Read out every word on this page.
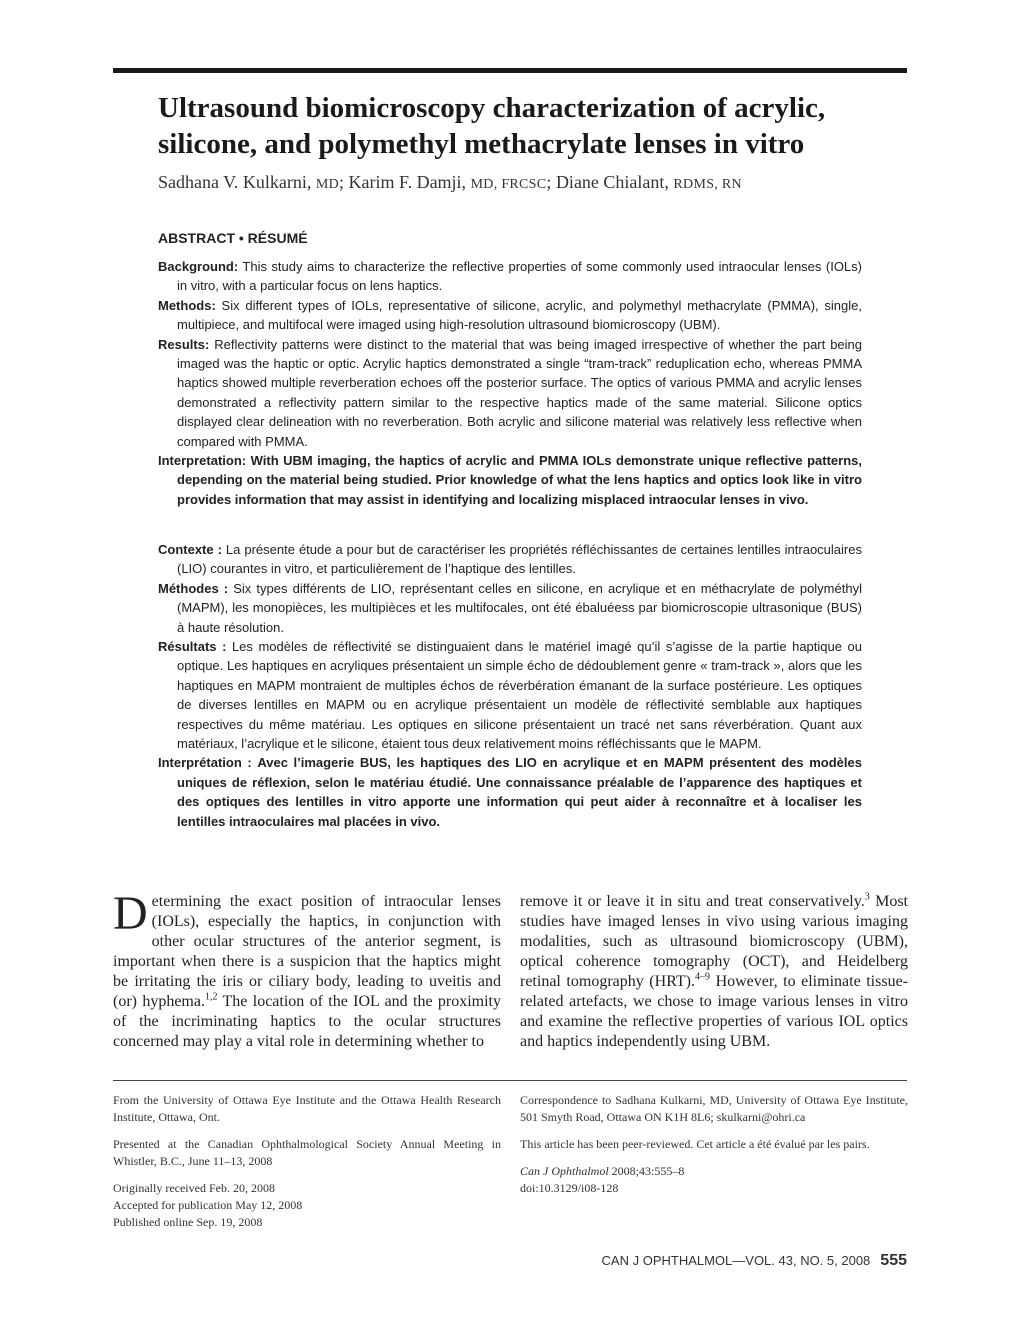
Ultrasound biomicroscopy characterization of acrylic, silicone, and polymethyl methacrylate lenses in vitro

Sadhana V. Kulkarni, MD; Karim F. Damji, MD, FRCSC; Diane Chialant, RDMS, RN

ABSTRACT • RÉSUMÉ

Background: This study aims to characterize the reflective properties of some commonly used intraocular lenses (IOLs) in vitro, with a particular focus on lens haptics.

Methods: Six different types of IOLs, representative of silicone, acrylic, and polymethyl methacrylate (PMMA), single, multipiece, and multifocal were imaged using high-resolution ultrasound biomicroscopy (UBM).

Results: Reflectivity patterns were distinct to the material that was being imaged irrespective of whether the part being imaged was the haptic or optic. Acrylic haptics demonstrated a single “tram-track” reduplication echo, whereas PMMA haptics showed multiple reverberation echoes off the posterior surface. The optics of various PMMA and acrylic lenses demonstrated a reflectivity pattern similar to the respective haptics made of the same material. Silicone optics displayed clear delineation with no reverberation. Both acrylic and silicone material was relatively less reflective when compared with PMMA.

Interpretation: With UBM imaging, the haptics of acrylic and PMMA IOLs demonstrate unique reflective patterns, depending on the material being studied. Prior knowledge of what the lens haptics and optics look like in vitro provides information that may assist in identifying and localizing misplaced intraocular lenses in vivo.

Contexte : La présente étude a pour but de caractériser les propriétés réfléchissantes de certaines lentilles intraoculaires (LIO) courantes in vitro, et particulièrement de l’haptique des lentilles.

Méthodes : Six types différents de LIO, représentant celles en silicone, en acrylique et en méthacrylate de polyméthyl (MAPM), les monopièces, les multipièces et les multifocales, ont été ébaluéess par biomicroscopie ultrasonique (BUS) à haute résolution.

Résultats : Les modèles de réflectivité se distinguaient dans le matériel imagé qu’il s’agisse de la partie haptique ou optique. Les haptiques en acryliques présentaient un simple écho de dédoublement genre « tram-track », alors que les haptiques en MAPM montraient de multiples échos de réverbération émanant de la surface postérieure. Les optiques de diverses lentilles en MAPM ou en acrylique présentaient un modèle de réflectivité semblable aux haptiques respectives du même matériau. Les optiques en silicone présentaient un tracé net sans réverbération. Quant aux matériaux, l’acrylique et le silicone, étaient tous deux relativement moins réfléchissants que le MAPM.

Interprétation : Avec l’imagerie BUS, les haptiques des LIO en acrylique et en MAPM présentent des modèles uniques de réflexion, selon le matériau étudié. Une connaissance préalable de l’apparence des haptiques et des optiques des lentilles in vitro apporte une information qui peut aider à reconnaître et à localiser les lentilles intraoculaires mal placées in vivo.

Determining the exact position of intraocular lenses (IOLs), especially the haptics, in conjunction with other ocular structures of the anterior segment, is important when there is a suspicion that the haptics might be irritating the iris or ciliary body, leading to uveitis and (or) hyphema.$^{1,2}$ The location of the IOL and the proximity of the incriminating haptics to the ocular structures concerned may play a vital role in determining whether to

remove it or leave it in situ and treat conservatively.$^3$ Most studies have imaged lenses in vivo using various imaging modalities, such as ultrasound biomicroscopy (UBM), optical coherence tomography (OCT), and Heidelberg retinal tomography (HRT).$^{4-9}$ However, to eliminate tissue-related artefacts, we chose to image various lenses in vitro and examine the reflective properties of various IOL optics and haptics independently using UBM.

From the University of Ottawa Eye Institute and the Ottawa Health Research Institute, Ottawa, Ont.

Presented at the Canadian Ophthalmological Society Annual Meeting in Whistler, B.C., June 11–13, 2008

Originally received Feb. 20, 2008
Accepted for publication May 12, 2008
Published online Sep. 19, 2008

Correspondence to Sadhana Kulkarni, MD, University of Ottawa Eye Institute, 501 Smyth Road, Ottawa ON K1H 8L6; skulkarni@ohri.ca

This article has been peer-reviewed. Cet article a été évalué par les pairs.

Can J Ophthalmol 2008;43:555–8
doi:10.3129/i08-128

CAN J OPHTHALMOL—VOL. 43, NO. 5, 2008 555
